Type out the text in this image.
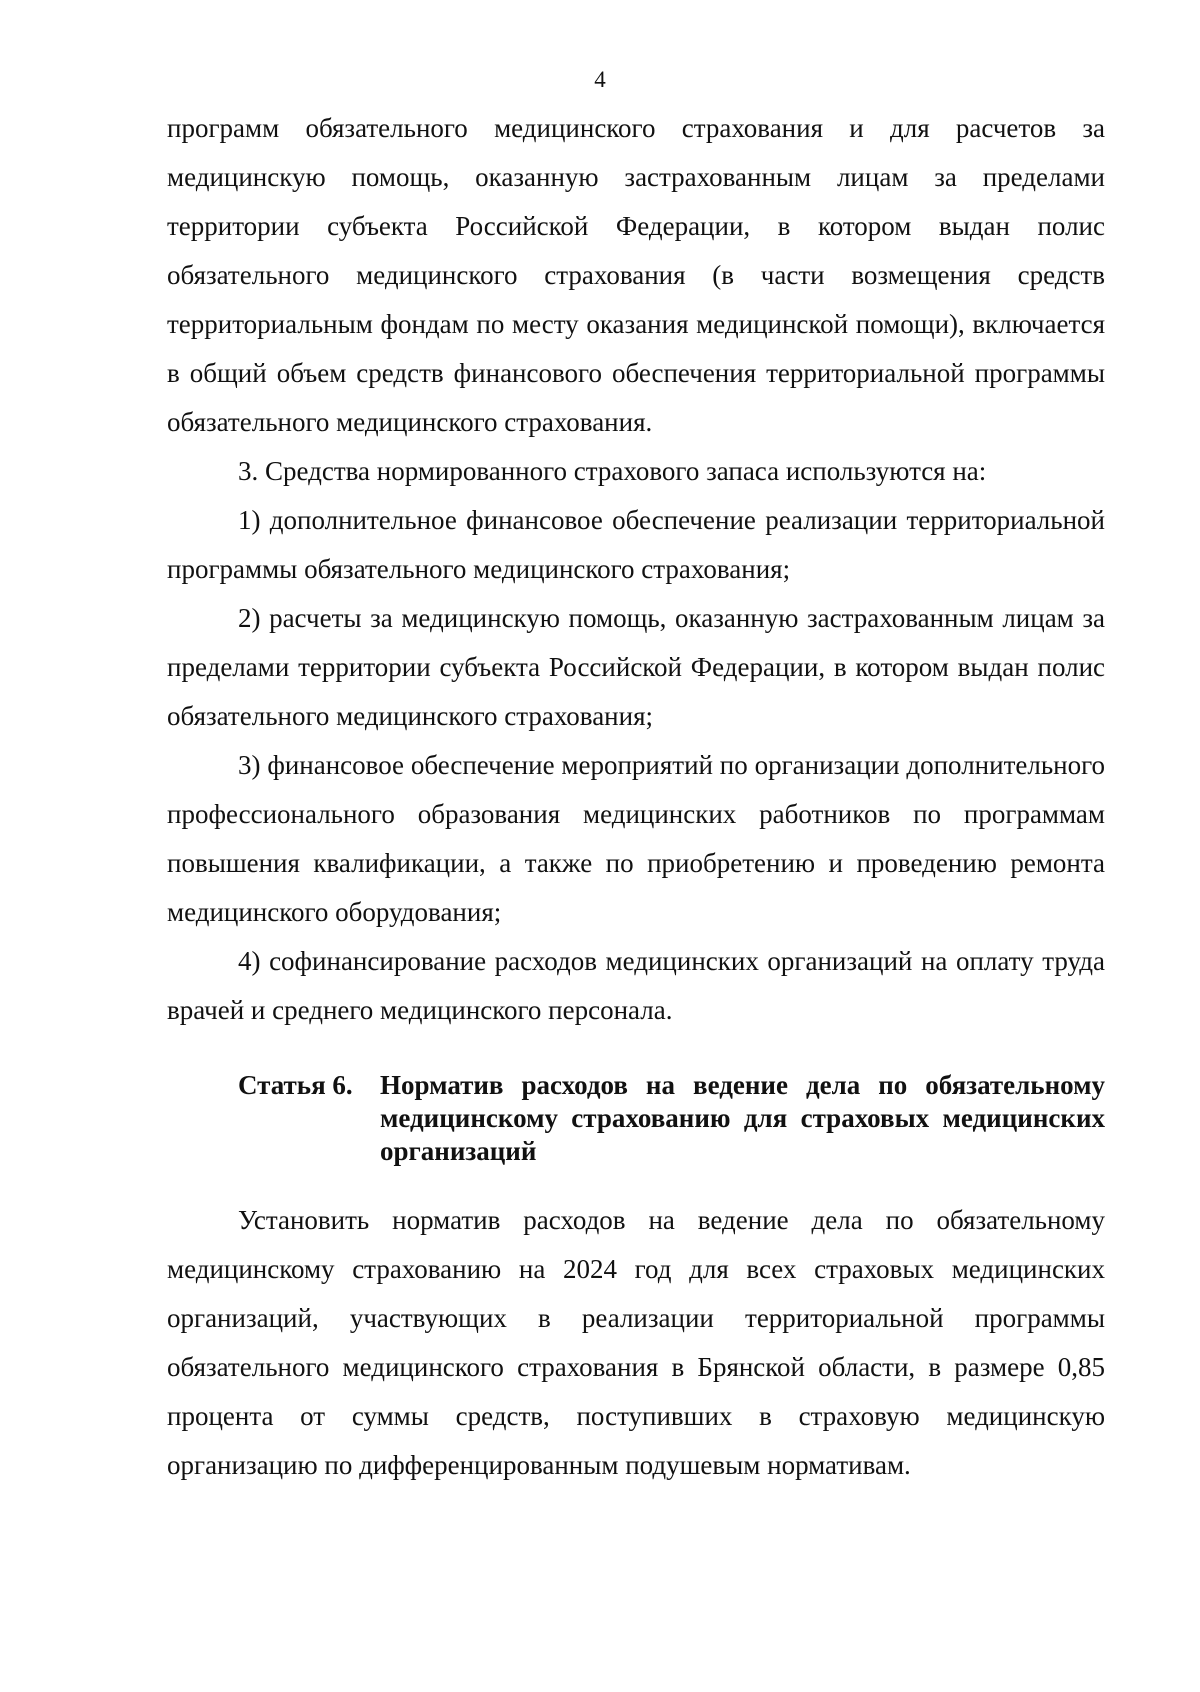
4

программ обязательного медицинского страхования и для расчетов за медицинскую помощь, оказанную застрахованным лицам за пределами территории субъекта Российской Федерации, в котором выдан полис обязательного медицинского страхования (в части возмещения средств территориальным фондам по месту оказания медицинской помощи), включается в общий объем средств финансового обеспечения территориальной программы обязательного медицинского страхования.

3. Средства нормированного страхового запаса используются на:

1) дополнительное финансовое обеспечение реализации территориальной программы обязательного медицинского страхования;

2) расчеты за медицинскую помощь, оказанную застрахованным лицам за пределами территории субъекта Российской Федерации, в котором выдан полис обязательного медицинского страхования;

3) финансовое обеспечение мероприятий по организации дополнительного профессионального образования медицинских работников по программам повышения квалификации, а также по приобретению и проведению ремонта медицинского оборудования;

4) софинансирование расходов медицинских организаций на оплату труда врачей и среднего медицинского персонала.

Статья 6.	Норматив расходов на ведение дела по обязательному медицинскому страхованию для страховых медицинских организаций

Установить норматив расходов на ведение дела по обязательному медицинскому страхованию на 2024 год для всех страховых медицинских организаций, участвующих в реализации территориальной программы обязательного медицинского страхования в Брянской области, в размере 0,85 процента от суммы средств, поступивших в страховую медицинскую организацию по дифференцированным подушевым нормативам.
